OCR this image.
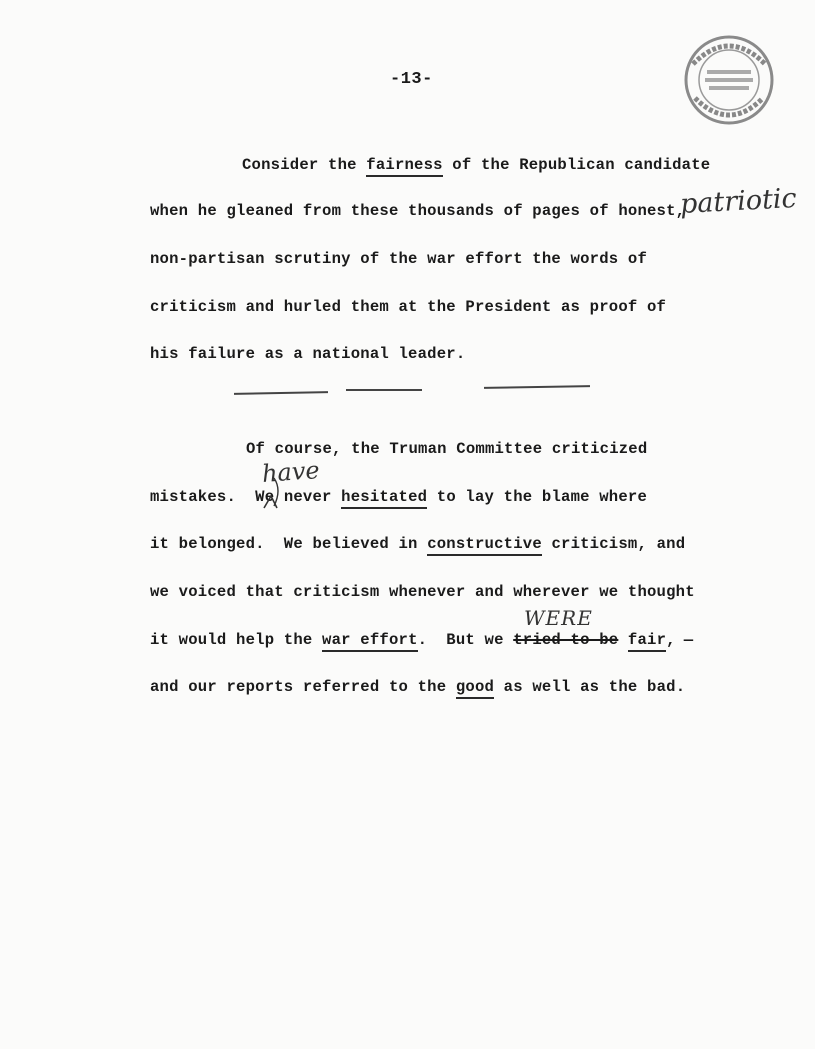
-13-
Consider the fairness of the Republican candidate
when he gleaned from these thousands of pages of honest,
patriotic
non-partisan scrutiny of the war effort the words of
criticism and hurled them at the President as proof of
his failure as a national leader.
Of course, the Truman Committee criticized
mistakes.  We never hesitated to lay the blame where
have
it belonged.  We believed in constructive criticism, and
we voiced that criticism whenever and wherever we thought
it would help the war effort.  But we tried to be fair, —
WERE
and our reports referred to the good as well as the bad.
